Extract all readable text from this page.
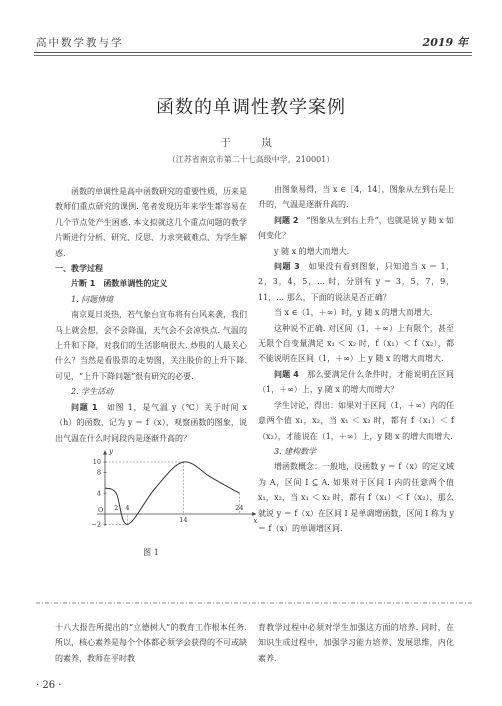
高中数学教与学	2019 年
函数的单调性教学案例
于　岚
（江苏省南京市第二十七高级中学，210001）

函数的单调性是高中函数研究的重要性质，历来是教师们重点研究的课例. 笔者发现历年来学生都容易在几个节点处产生困惑. 本文拟就这几个重点问题的教学片断进行分析、研究、反思、力求突破难点、为学生解惑.

一、教学过程

片断 1　函数单调性的定义

1. 问题情境

南京夏日炎热，若气象台宣布将有台风来袭，我们马上就会想，会不会降温，天气会不会凉快点. 气温的上升和下降，对我们的生活影响很大. 炒股的人最关心什么？当然是看股票的走势图，关注股价的上升下降. 可见，“上升下降问题”很有研究的必要.

2. 学生活动

问题 1　 如图 1，是气温 y（℃）关于时间 x（h）的函数，记为 y ＝ f（x），观察函数的图象，说出气温在什么时间段内是逐渐升高的？

y
x
O
−2
4
8
10
2 4
14
24
图 1

由图象易得，当 x ∈［4，14］，图象从左到右是上升的，气温是逐渐升高的.

问题 2　 “图象从左到右上升”，也就是说 y 随 x 如何变化？

y 随 x 的增大而增大.

问题 3　 如果没有看到图象，只知道当 x ＝ 1，2，3，4，5，… 时，分别有 y ＝ 3，5，7，9，11，… 那么，下面的说法是否正确？

当 x ∈（1，＋∞）时，y 随 x 的增大而增大.

这种说不正确. 对区间（1，＋∞）上有限个，甚至无限个自变量满足 x₁ ＜ x₂ 时，f（x₁）＜ f（x₂），都不能说明在区间（1，＋∞）上 y 随 x 的增大而增大.

问题 4　 那么要满足什么条件时，才能说明在区间（1，＋∞）上，y 随 x 的增大而增大？

学生讨论，得出：如果对于区间（1，＋∞）内的任意两个值 x₁，x₂，当 x₁ ＜ x₂ 时，都有 f（x₁）＜ f（x₂），才能说在（1，＋∞）上，y 随 x 的增大而增大.

3. 建构数学

增函数概念：一般地，设函数 y ＝ f（x）的定义域为 A，区间 I ⊆ A. 如果对于区间 I 内的任意两个值 x₁，x₂，当 x₁ ＜ x₂ 时，都有 f（x₁）＜ f（x₂），那么就说 y ＝ f（x）在区间 I 是单调增函数，区间 I 称为 y ＝ f（x）的单调增区间.

十八大报告所提出的“立德树人”的教育工作根本任务. 所以，核心素养是每个个体都必须学会获得的不可或缺的素养，教师在平时教

育教学过程中必须对学生加强这方面的培养. 同时，在知识生成过程中，加强学习能力培养、发展思维，内化素养.

· 26 ·
